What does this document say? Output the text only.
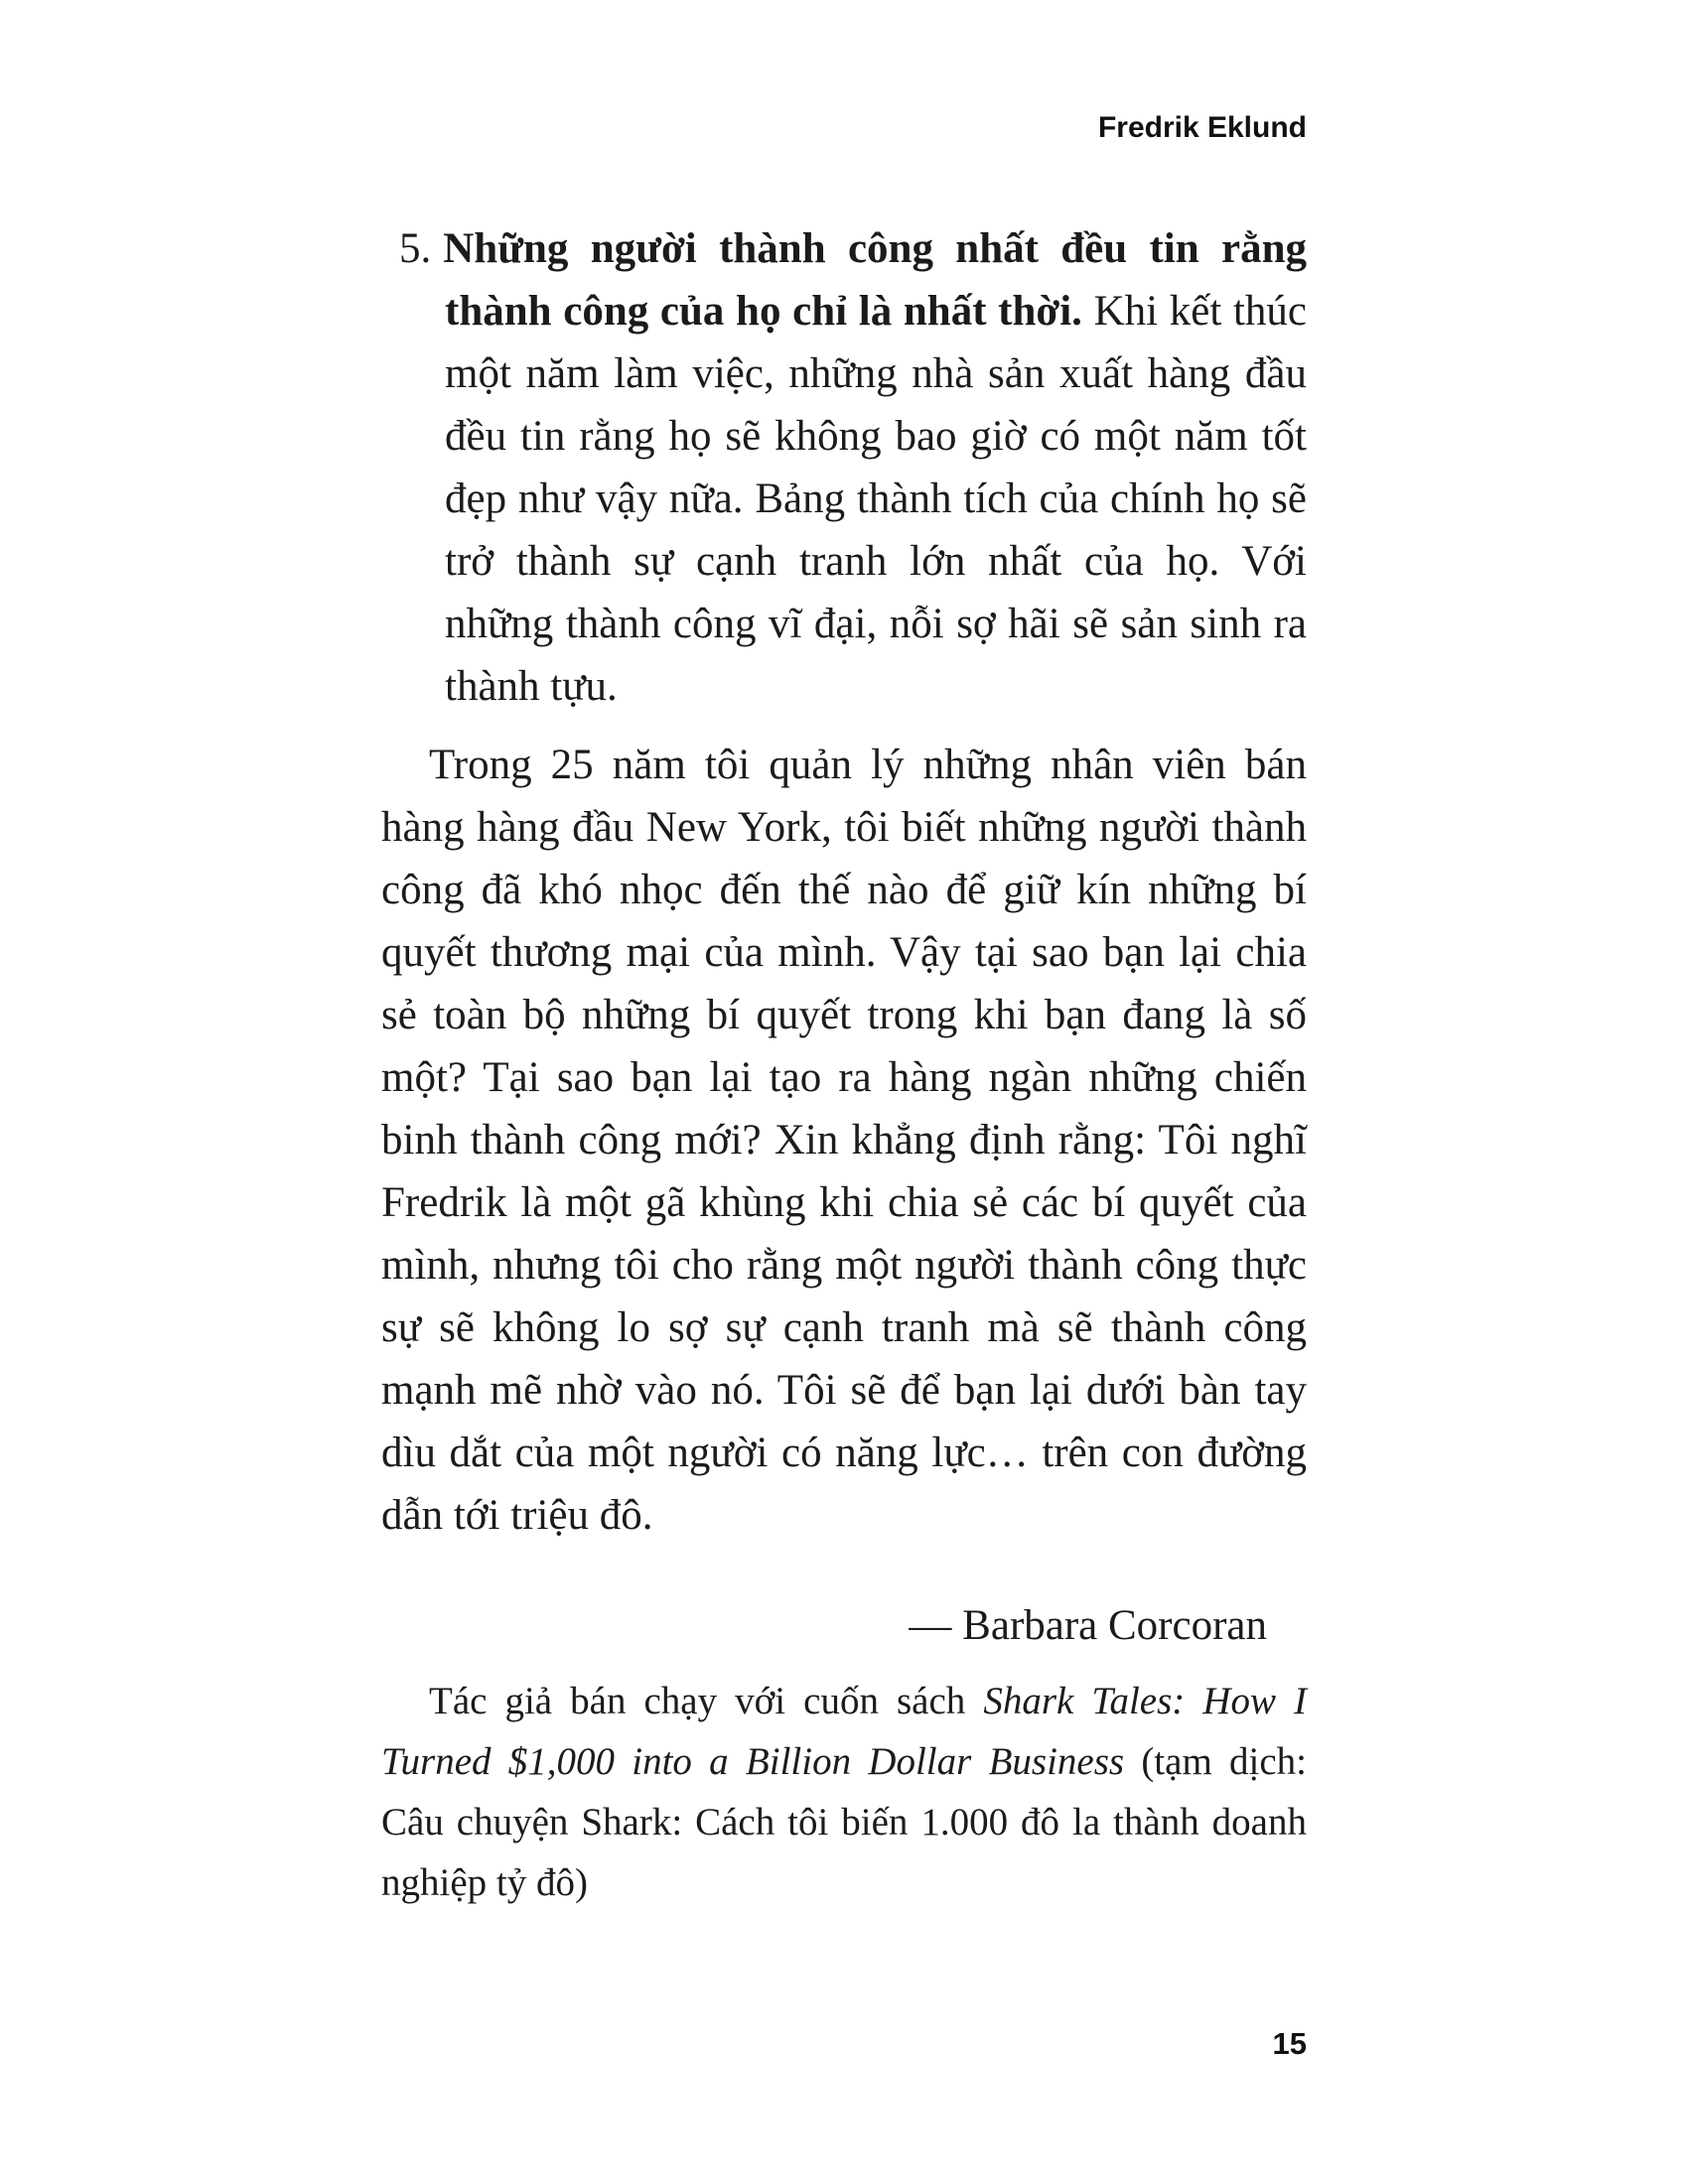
Fredrik Eklund

5. Những người thành công nhất đều tin rằng thành công của họ chỉ là nhất thời. Khi kết thúc một năm làm việc, những nhà sản xuất hàng đầu đều tin rằng họ sẽ không bao giờ có một năm tốt đẹp như vậy nữa. Bảng thành tích của chính họ sẽ trở thành sự cạnh tranh lớn nhất của họ. Với những thành công vĩ đại, nỗi sợ hãi sẽ sản sinh ra thành tựu.

Trong 25 năm tôi quản lý những nhân viên bán hàng hàng đầu New York, tôi biết những người thành công đã khó nhọc đến thế nào để giữ kín những bí quyết thương mại của mình. Vậy tại sao bạn lại chia sẻ toàn bộ những bí quyết trong khi bạn đang là số một? Tại sao bạn lại tạo ra hàng ngàn những chiến binh thành công mới? Xin khẳng định rằng: Tôi nghĩ Fredrik là một gã khùng khi chia sẻ các bí quyết của mình, nhưng tôi cho rằng một người thành công thực sự sẽ không lo sợ sự cạnh tranh mà sẽ thành công mạnh mẽ nhờ vào nó. Tôi sẽ để bạn lại dưới bàn tay dìu dắt của một người có năng lực… trên con đường dẫn tới triệu đô.

— Barbara Corcoran

Tác giả bán chạy với cuốn sách Shark Tales: How I Turned $1,000 into a Billion Dollar Business (tạm dịch: Câu chuyện Shark: Cách tôi biến 1.000 đô la thành doanh nghiệp tỷ đô)

15
